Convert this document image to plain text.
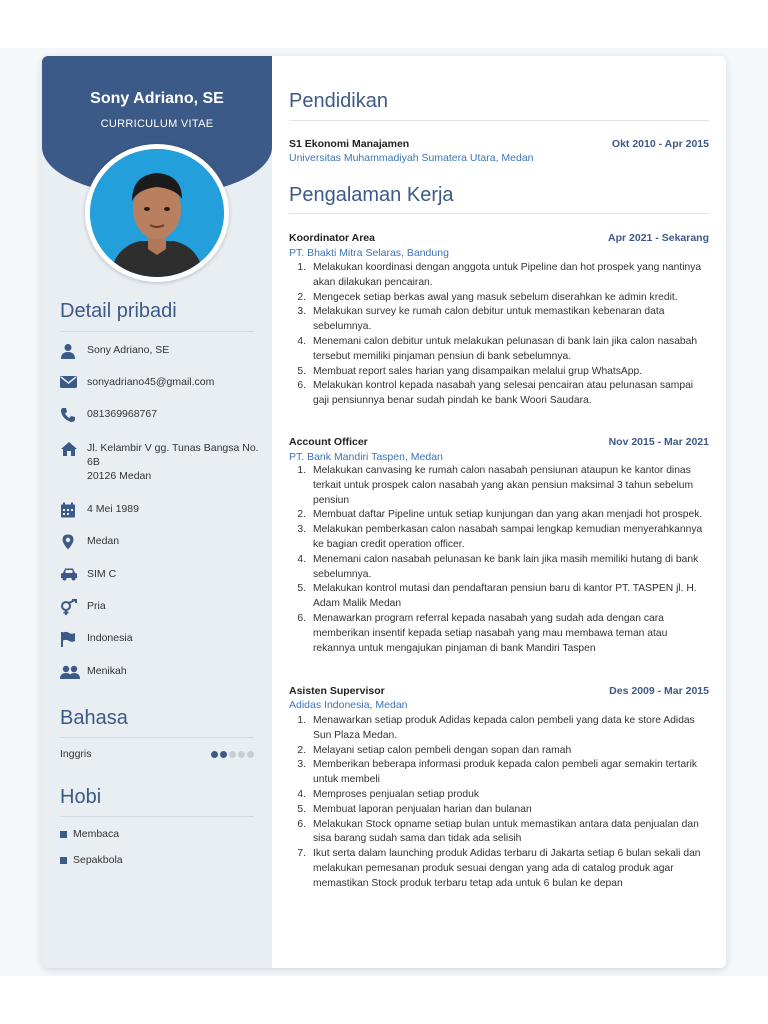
Sony Adriano, SE
CURRICULUM VITAE
Detail pribadi
Sony Adriano, SE
sonyadriano45@gmail.com
081369968767
Jl. Kelambir V gg. Tunas Bangsa No. 6B
20126 Medan
4 Mei 1989
Medan
SIM C
Pria
Indonesia
Menikah
Bahasa
Inggris
Hobi
Membaca
Sepakbola
Pendidikan
S1 Ekonomi Manajamen	Okt 2010 - Apr 2015
Universitas Muhammadiyah Sumatera Utara, Medan
Pengalaman Kerja
Koordinator Area	Apr 2021 - Sekarang
PT. Bhakti Mitra Selaras, Bandung
1. Melakukan koordinasi dengan anggota untuk Pipeline dan hot prospek yang nantinya akan dilakukan pencairan.
2. Mengecek setiap berkas awal yang masuk sebelum diserahkan ke admin kredit.
3. Melakukan survey ke rumah calon debitur untuk memastikan kebenaran data sebelumnya.
4. Menemani calon debitur untuk melakukan pelunasan di bank lain jika calon nasabah tersebut memiliki pinjaman pensiun di bank sebelumnya.
5. Membuat report sales harian yang disampaikan melalui grup WhatsApp.
6. Melakukan kontrol kepada nasabah yang selesai pencairan atau pelunasan sampai gaji pensiunnya benar sudah pindah ke bank Woori Saudara.
Account Officer	Nov 2015 - Mar 2021
PT. Bank Mandiri Taspen, Medan
1. Melakukan canvasing ke rumah calon nasabah pensiunan ataupun ke kantor dinas terkait untuk prospek calon nasabah yang akan pensiun maksimal 3 tahun sebelum pensiun
2. Membuat daftar Pipeline untuk setiap kunjungan dan yang akan menjadi hot prospek.
3. Melakukan pemberkasan calon nasabah sampai lengkap kemudian menyerahkannya ke bagian credit operation officer.
4. Menemani calon nasabah pelunasan ke bank lain jika masih memiliki hutang di bank sebelumnya.
5. Melakukan kontrol mutasi dan pendaftaran pensiun baru di kantor PT. TASPEN jl. H. Adam Malik Medan
6. Menawarkan program referral kepada nasabah yang sudah ada dengan cara memberikan insentif kepada setiap nasabah yang mau membawa teman atau rekannya untuk mengajukan pinjaman di bank Mandiri Taspen
Asisten Supervisor	Des 2009 - Mar 2015
Adidas Indonesia, Medan
1. Menawarkan setiap produk Adidas kepada calon pembeli yang data ke store Adidas Sun Plaza Medan.
2. Melayani setiap calon pembeli dengan sopan dan ramah
3. Memberikan beberapa informasi produk kepada calon pembeli agar semakin tertarik untuk membeli
4. Memproses penjualan setiap produk
5. Membuat laporan penjualan harian dan bulanan
6. Melakukan Stock opname setiap bulan untuk memastikan antara data penjualan dan sisa barang sudah sama dan tidak ada selisih
7. Ikut serta dalam launching produk Adidas terbaru di Jakarta setiap 6 bulan sekali dan melakukan pemesanan produk sesuai dengan yang ada di catalog produk agar memastikan Stock produk terbaru tetap ada untuk 6 bulan ke depan
